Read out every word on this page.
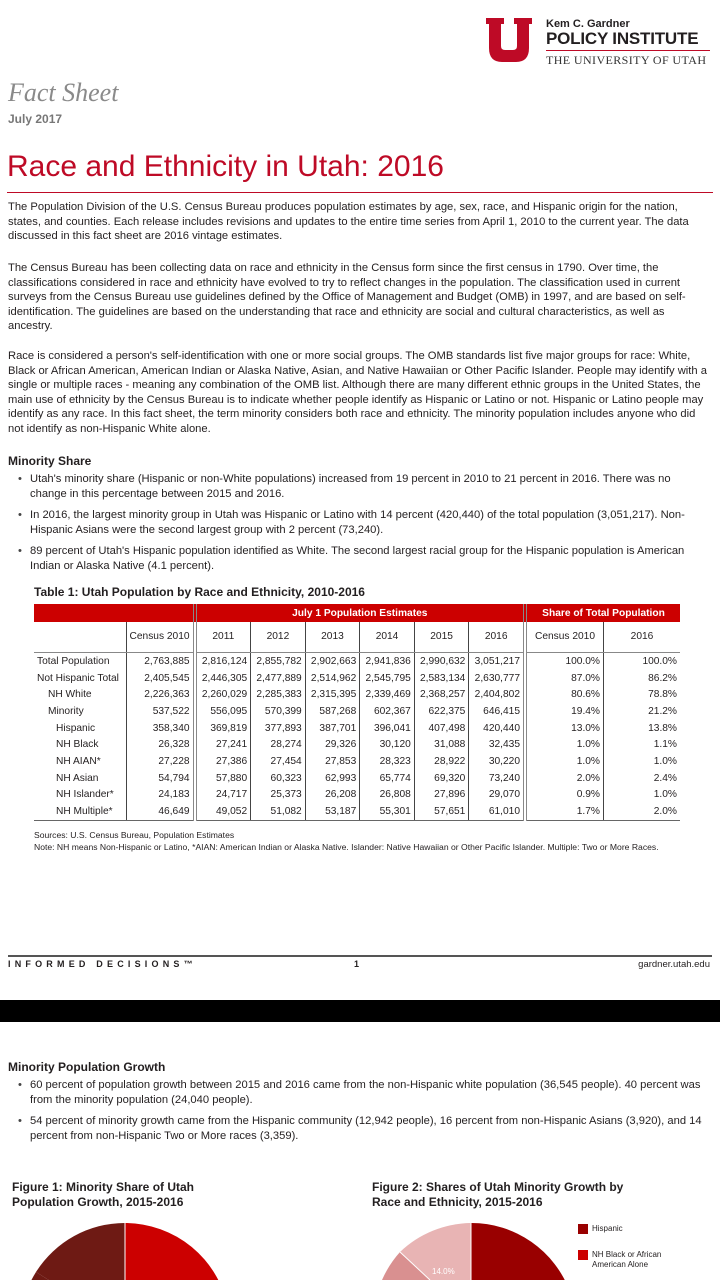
Kem C. Gardner
POLICY INSTITUTE
THE UNIVERSITY OF UTAH
Fact Sheet
July 2017
Race and Ethnicity in Utah: 2016
The Population Division of the U.S. Census Bureau produces population estimates by age, sex, race, and Hispanic origin for the nation, states, and counties. Each release includes revisions and updates to the entire time series from April 1, 2010 to the current year. The data discussed in this fact sheet are 2016 vintage estimates.
The Census Bureau has been collecting data on race and ethnicity in the Census form since the first census in 1790. Over time, the classifications considered in race and ethnicity have evolved to try to reflect changes in the population. The classification used in current surveys from the Census Bureau use guidelines defined by the Office of Management and Budget (OMB) in 1997, and are based on self-identification. The guidelines are based on the understanding that race and ethnicity are social and cultural characteristics, as well as ancestry.
Race is considered a person's self-identification with one or more social groups. The OMB standards list five major groups for race: White, Black or African American, American Indian or Alaska Native, Asian, and Native Hawaiian or Other Pacific Islander. People may identify with a single or multiple races - meaning any combination of the OMB list. Although there are many different ethnic groups in the United States, the main use of ethnicity by the Census Bureau is to indicate whether people identify as Hispanic or Latino or not. Hispanic or Latino people may identify as any race. In this fact sheet, the term minority considers both race and ethnicity. The minority population includes anyone who did not identify as non-Hispanic White alone.
Minority Share
• Utah's minority share (Hispanic or non-White populations) increased from 19 percent in 2010 to 21 percent in 2016. There was no change in this percentage between 2015 and 2016.
• In 2016, the largest minority group in Utah was Hispanic or Latino with 14 percent (420,440) of the total population (3,051,217). Non-Hispanic Asians were the second largest group with 2 percent (73,240).
• 89 percent of Utah's Hispanic population identified as White. The second largest racial group for the Hispanic population is American Indian or Alaska Native (4.1 percent).
Table 1: Utah Population by Race and Ethnicity, 2010-2016
		July 1 Population Estimates						Share of Total Population	
	Census 2010	2011	2012	2013	2014	2015	2016	Census 2010	2016
Total Population	2,763,885	2,816,124	2,855,782	2,902,663	2,941,836	2,990,632	3,051,217	100.0%	100.0%
Not Hispanic Total	2,405,545	2,446,305	2,477,889	2,514,962	2,545,795	2,583,134	2,630,777	87.0%	86.2%
NH White	2,226,363	2,260,029	2,285,383	2,315,395	2,339,469	2,368,257	2,404,802	80.6%	78.8%
Minority	537,522	556,095	570,399	587,268	602,367	622,375	646,415	19.4%	21.2%
Hispanic	358,340	369,819	377,893	387,701	396,041	407,498	420,440	13.0%	13.8%
NH Black	26,328	27,241	28,274	29,326	30,120	31,088	32,435	1.0%	1.1%
NH AIAN*	27,228	27,386	27,454	27,853	28,323	28,922	30,220	1.0%	1.0%
NH Asian	54,794	57,880	60,323	62,993	65,774	69,320	73,240	2.0%	2.4%
NH Islander*	24,183	24,717	25,373	26,208	26,808	27,896	29,070	0.9%	1.0%
NH Multiple*	46,649	49,052	51,082	53,187	55,301	57,651	61,010	1.7%	2.0%
Sources: U.S. Census Bureau, Population Estimates
Note: NH means Non-Hispanic or Latino, *AIAN: American Indian or Alaska Native. Islander: Native Hawaiian or Other Pacific Islander. Multiple: Two or More Races.
INFORMED DECISIONS™	1	gardner.utah.edu
Minority Population Growth
• 60 percent of population growth between 2015 and 2016 came from the non-Hispanic white population (36,545 people). 40 percent was from the minority population (24,040 people).
• 54 percent of minority growth came from the Hispanic community (12,942 people), 16 percent from non-Hispanic Asians (3,920), and 14 percent from non-Hispanic Two or More races (3,359).
Figure 1: Minority Share of Utah Population Growth, 2015-2016
Figure 2: Shares of Utah Minority Growth by Race and Ethnicity, 2015-2016
14.0%
Hispanic
NH Black or African American Alone
